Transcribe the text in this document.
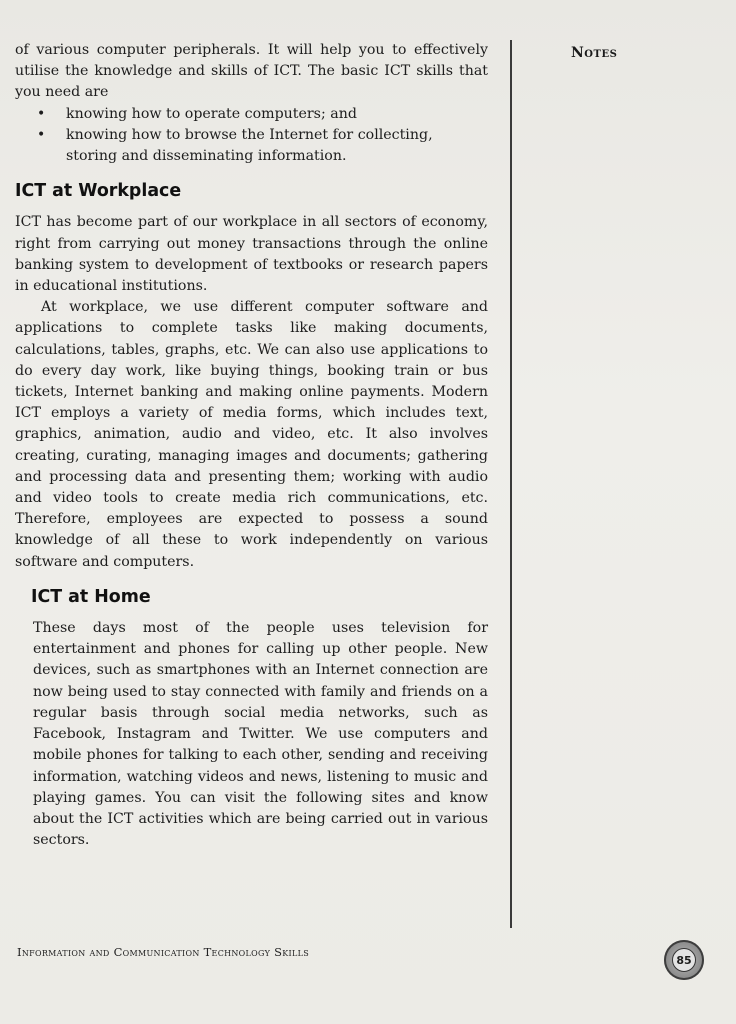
of various computer peripherals. It will help you to effectively utilise the knowledge and skills of ICT. The basic ICT skills that you need are

• knowing how to operate computers; and
• knowing how to browse the Internet for collecting, storing and disseminating information.
ICT at Workplace

ICT has become part of our workplace in all sectors of economy, right from carrying out money transactions through the online banking system to development of textbooks or research papers in educational institutions.

At workplace, we use different computer software and applications to complete tasks like making documents, calculations, tables, graphs, etc. We can also use applications to do every day work, like buying things, booking train or bus tickets, Internet banking and making online payments. Modern ICT employs a variety of media forms, which includes text, graphics, animation, audio and video, etc. It also involves creating, curating, managing images and documents; gathering and processing data and presenting them; working with audio and video tools to create media rich communications, etc. Therefore, employees are expected to possess a sound knowledge of all these to work independently on various software and computers.

ICT at Home

These days most of the people uses television for entertainment and phones for calling up other people. New devices, such as smartphones with an Internet connection are now being used to stay connected with family and friends on a regular basis through social media networks, such as Facebook, Instagram and Twitter. We use computers and mobile phones for talking to each other, sending and receiving information, watching videos and news, listening to music and playing games. You can visit the following sites and know about the ICT activities which are being carried out in various sectors.

Notes
Information and Communication Technology Skills
85
